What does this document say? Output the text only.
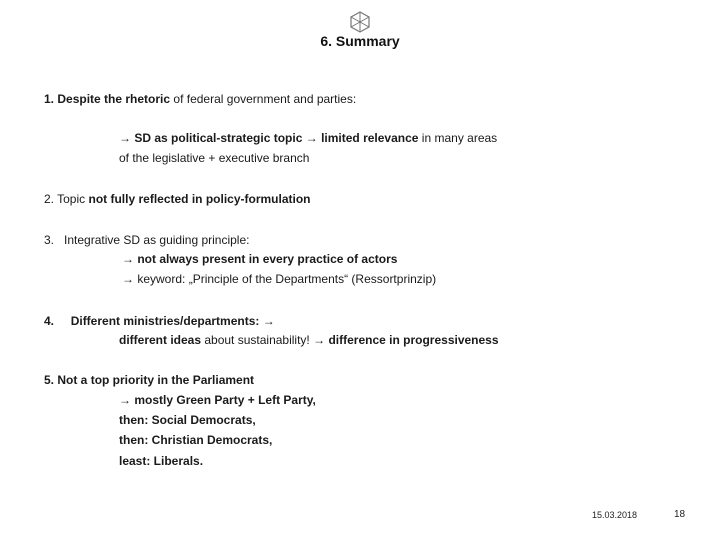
6. Summary
1. Despite the rhetoric of federal government and parties:
→ SD as political-strategic topic → limited relevance in many areas
of the legislative + executive branch
2. Topic not fully reflected in policy-formulation
3. Integrative SD as guiding principle:
→ not always present in every practice of actors
→ keyword: „Principle of the Departments“ (Ressortprinzip)
4. Different ministries/departments: →
different ideas about sustainability! → difference in progressiveness
5. Not a top priority in the Parliament
→ mostly Green Party + Left Party,
then: Social Democrats,
then: Christian Democrats,
least: Liberals.
15.03.2018	18
